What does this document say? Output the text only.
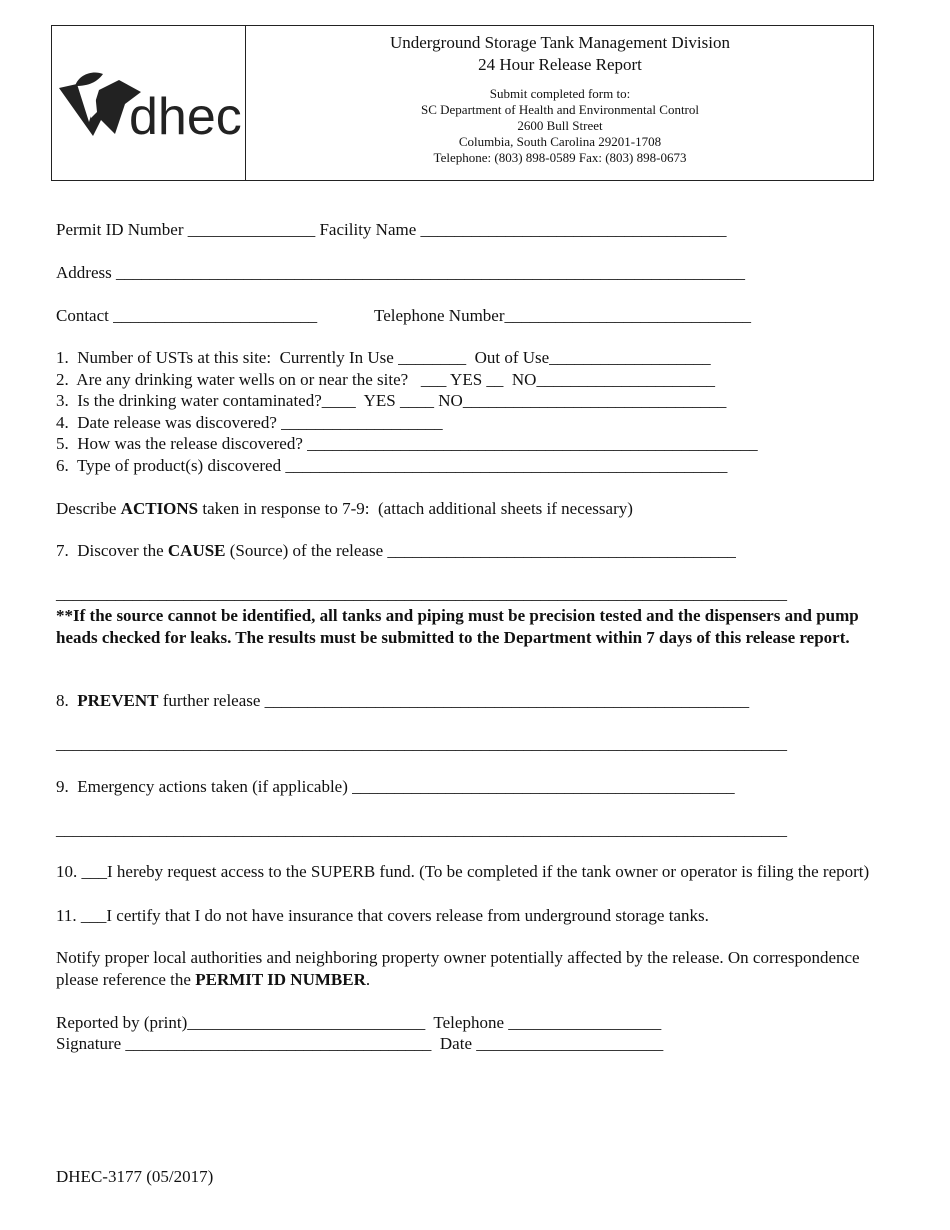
dhec
Underground Storage Tank Management Division
24 Hour Release Report
Submit completed form to:
SC Department of Health and Environmental Control
2600 Bull Street
Columbia, South Carolina 29201-1708
Telephone: (803) 898-0589 Fax: (803) 898-0673
Permit ID Number _______________ Facility Name ____________________________________
Address __________________________________________________________________________
Contact ________________________	Telephone Number_____________________________
1.  Number of USTs at this site:  Currently In Use ________  Out of Use___________________
2.  Are any drinking water wells on or near the site?   ___ YES __  NO_____________________
3.  Is the drinking water contaminated?____  YES ____ NO_______________________________
4.  Date release was discovered? ___________________
5.  How was the release discovered? _____________________________________________________
6.  Type of product(s) discovered ____________________________________________________
Describe ACTIONS taken in response to 7-9:  (attach additional sheets if necessary)
7.  Discover the CAUSE (Source) of the release _________________________________________
______________________________________________________________________________________
**If the source cannot be identified, all tanks and piping must be precision tested and the dispensers and pump heads checked for leaks. The results must be submitted to the Department within 7 days of this release report.
8.  PREVENT further release _________________________________________________________
______________________________________________________________________________________
9.  Emergency actions taken (if applicable) _____________________________________________
______________________________________________________________________________________
10. ___I hereby request access to the SUPERB fund. (To be completed if the tank owner or operator is filing the report)
11. ___I certify that I do not have insurance that covers release from underground storage tanks.
Notify proper local authorities and neighboring property owner potentially affected by the release. On correspondence please reference the PERMIT ID NUMBER.
Reported by (print)____________________________  Telephone __________________
Signature ____________________________________  Date ______________________
DHEC-3177 (05/2017)
